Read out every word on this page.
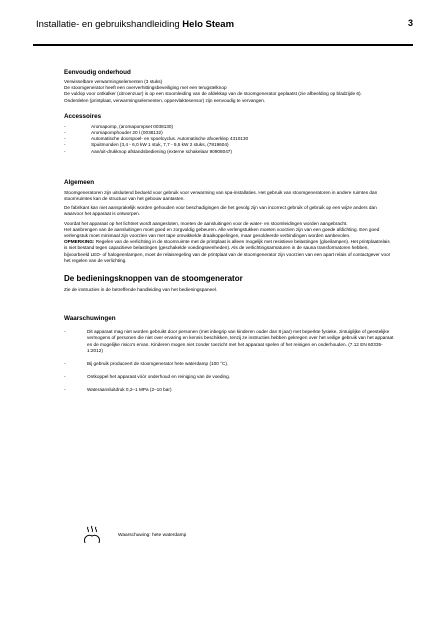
Installatie- en gebruikshandleiding Helo Steam	3
Eenvoudig onderhoud

Verwisselbare verwarmingselementen (3 stuks)

De stoomgenerator heeft een oververhittingsbeveiliging met een terugstelknop

De vuldop voor ontkalker (citroenzuur) is op een stoomleiding van de afdekkap van de stoomgenerator geplaatst (zie afbeelding op bladzijde 6).

Onderdelen (printplaat, verwarmingselementen, oppervlaktesensor) zijn eenvoudig te vervangen.

Accessoires
-	Aromapomp, (aromapompset 0038130)
-	Aromapomphouder 20 l (0038132)
-	Automatische doorspoel- en spoelcyclus. Automatische afvoerklep 4310130
-	Spuitmonden (3,4 - 6,0 kW 1 stuk, 7,7 - 9,5 kW 2 stuks, (7819604)
-	Aan/uit-drukknop afstandsbediening (externe schakelaar 90908047)
Algemeen

Stoomgeneratoren zijn uitsluitend bedoeld voor gebruik voor verwarming van spa-installaties. Het gebruik van stoomgeneratoren in andere ruimtes dan stoomruimtes kan de structuur van het gebouw aantasten.

De fabrikant kan niet aansprakelijk worden gehouden voor beschadigingen die het gevolg zijn van incorrect gebruik of gebruik op een wijze anders dan waarvoor het apparaat is ontworpen.

Voordat het apparaat op het lichtnet wordt aangesloten, moeten de aansluitingen voor de water- en stoomleidingen worden aangebracht.

Het aanbrengen van de aansluitingen moet goed en zorgvuldig gebeuren. Alle verlengstukken moeten voorzien zijn van een goede afdichting. Een goed verlengstuk moet minimaal zijn voorzien van met tape omwikkelde draaikoppelingen, maar gesoldeerde verbindingen worden aanbevolen.

OPMERKING: Regelen van de verlichting in de stoomruimte met de printplaat is alleen mogelijk met resistieve belastingen (gloeilampen). Het printplaatrelais is niet bestand tegen capacitieve belastingen (geschakelde voedingseenheden). Als de verlichtingsarmaturen in de sauna transformatoren hebben, bijvoorbeeld LED- of halogeenlampen, moet de relaisregeling van de printplaat van de stoomgenerator zijn voorzien van een apart relais of contactgever voor het regelen van de verlichting.

De bedieningsknoppen van de stoomgenerator

Zie de instructies in de betreffende handleiding van het bedieningspaneel.

Waarschuwingen
-	Dit apparaat mag niet worden gebruikt door personen (met inbegrip van kinderen ouder dan 8 jaar) met beperkte fysieke, zintuiglijke of geestelijke vermogens of personen die niet over ervaring en kennis beschikken, tenzij ze instructies hebben gekregen over het veilige gebruik van het apparaat en de mogelijke risico's ervan. Kinderen mogen niet zonder toezicht met het apparaat spelen of het reinigen en onderhouden. (7.12 EN 60335-1:2012)
-	Bij gebruik produceert de stoomgenerator hete waterdamp (100 °C).
-	Ontkoppel het apparaat vóór onderhoud en reiniging van de voeding.
-	Wateraansluitdruk 0,2–1 MPa (2–10 bar)
Waarschuwing: hete waterdamp
